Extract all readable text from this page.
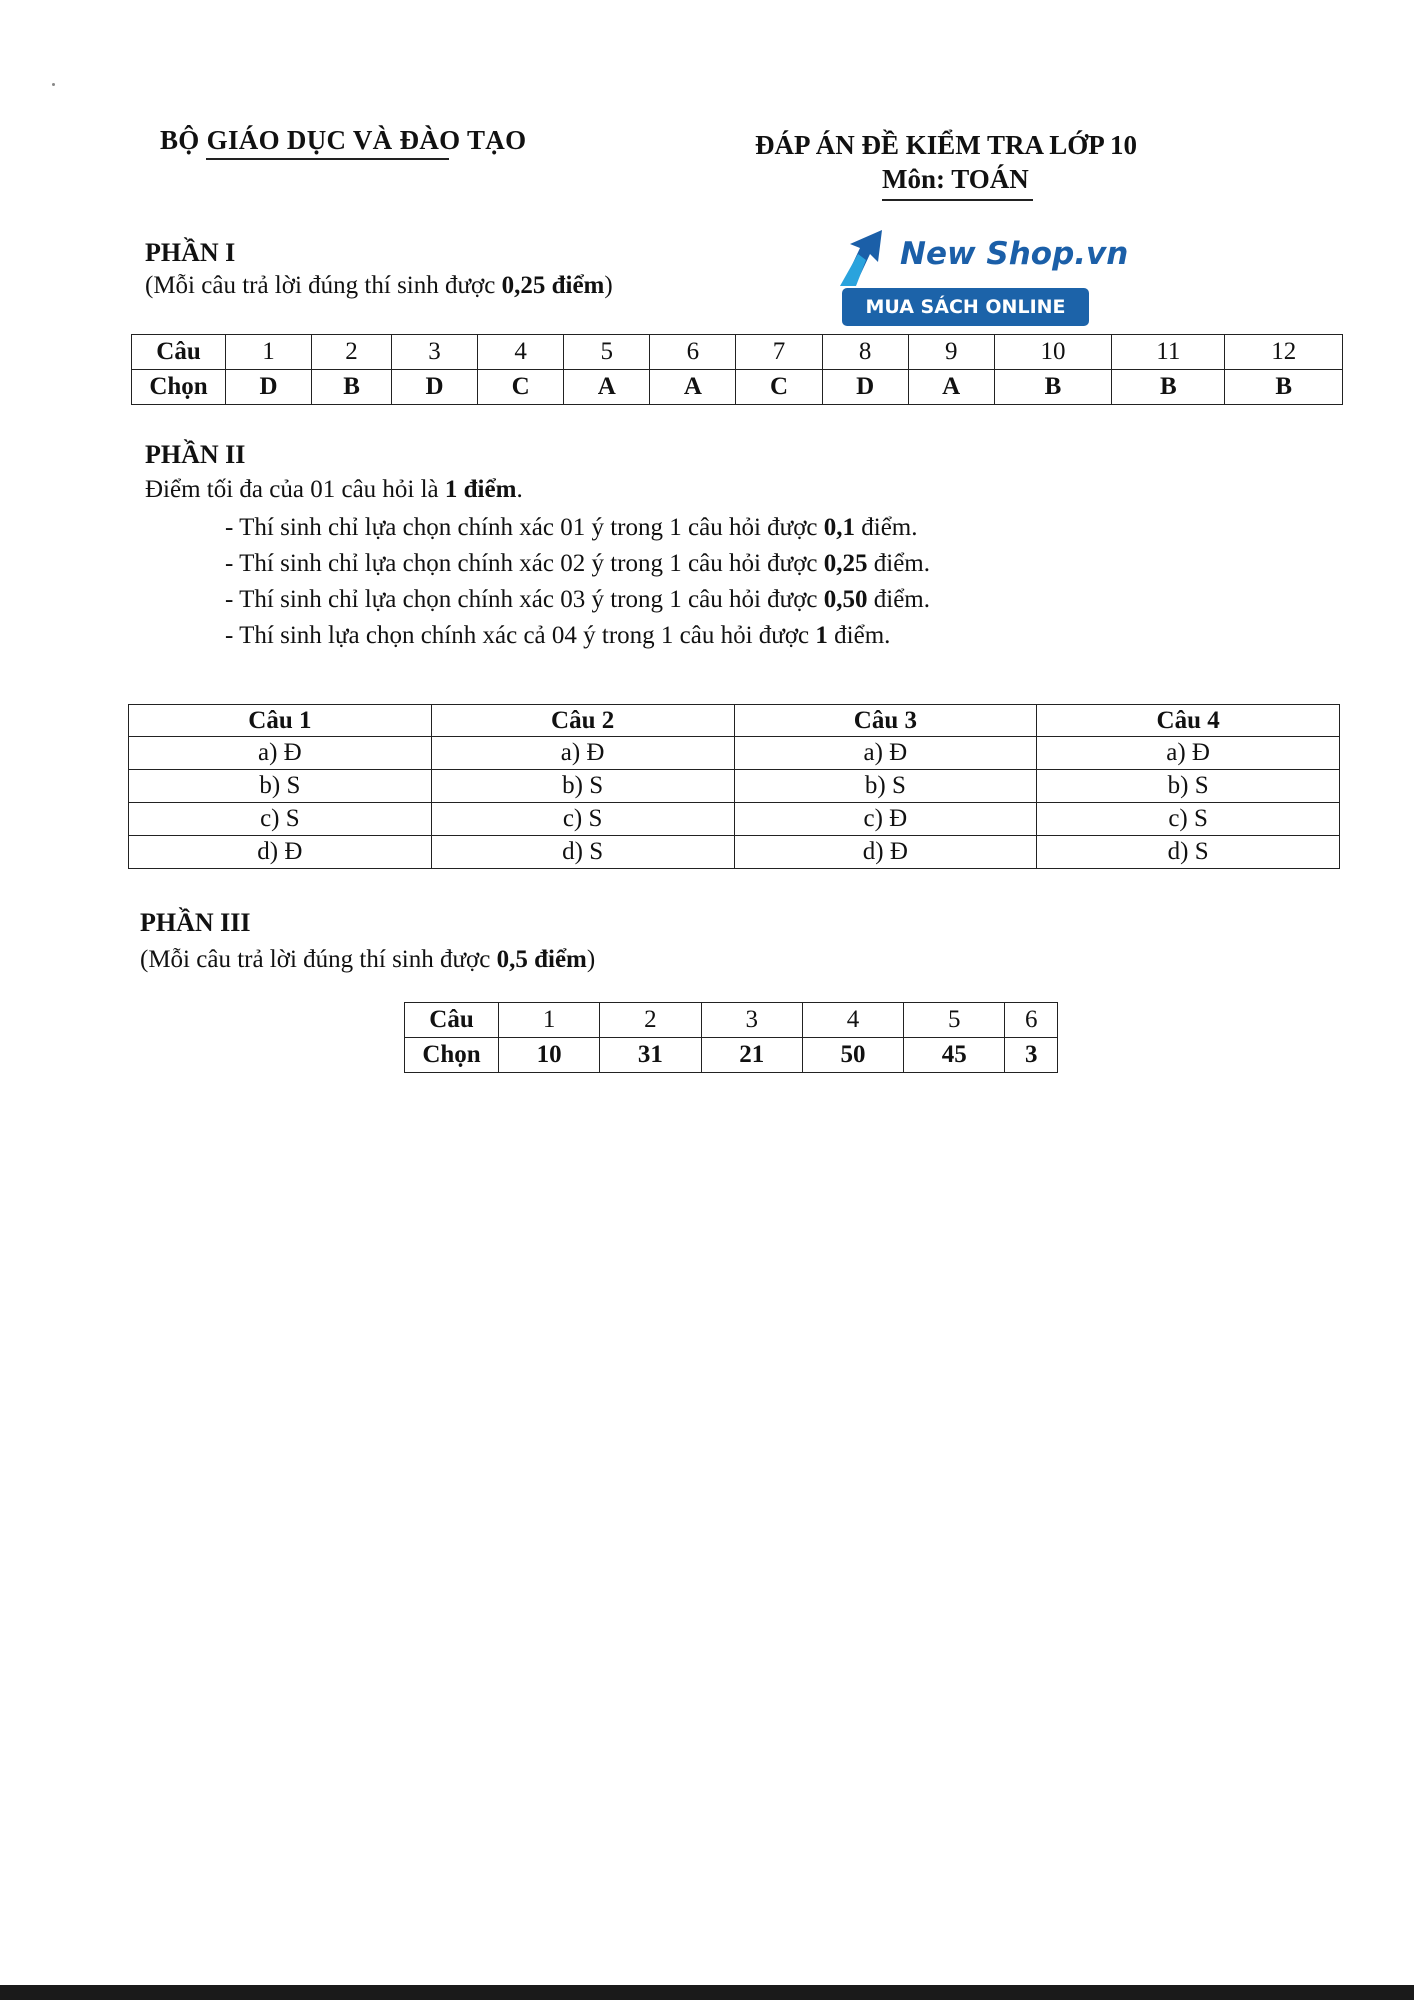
BỘ GIÁO DỤC VÀ ĐÀO TẠO	ĐÁP ÁN ĐỀ KIỂM TRA LỚP 10
Môn: TOÁN
New Shop.vn
MUA SÁCH ONLINE
PHẦN I
(Mỗi câu trả lời đúng thí sinh được 0,25 điểm)
Câu	1	2	3	4	5	6	7	8	9	10	11	12
Chọn	D	B	D	C	A	A	C	D	A	B	B	B
PHẦN II
Điểm tối đa của 01 câu hỏi là 1 điểm.
- Thí sinh chỉ lựa chọn chính xác 01 ý trong 1 câu hỏi được 0,1 điểm.
- Thí sinh chỉ lựa chọn chính xác 02 ý trong 1 câu hỏi được 0,25 điểm.
- Thí sinh chỉ lựa chọn chính xác 03 ý trong 1 câu hỏi được 0,50 điểm.
- Thí sinh lựa chọn chính xác cả 04 ý trong 1 câu hỏi được 1 điểm.
Câu 1	Câu 2	Câu 3	Câu 4
a) Đ	a) Đ	a) Đ	a) Đ
b) S	b) S	b) S	b) S
c) S	c) S	c) Đ	c) S
d) Đ	d) S	d) Đ	d) S
PHẦN III
(Mỗi câu trả lời đúng thí sinh được 0,5 điểm)
Câu	1	2	3	4	5	6
Chọn	10	31	21	50	45	3
